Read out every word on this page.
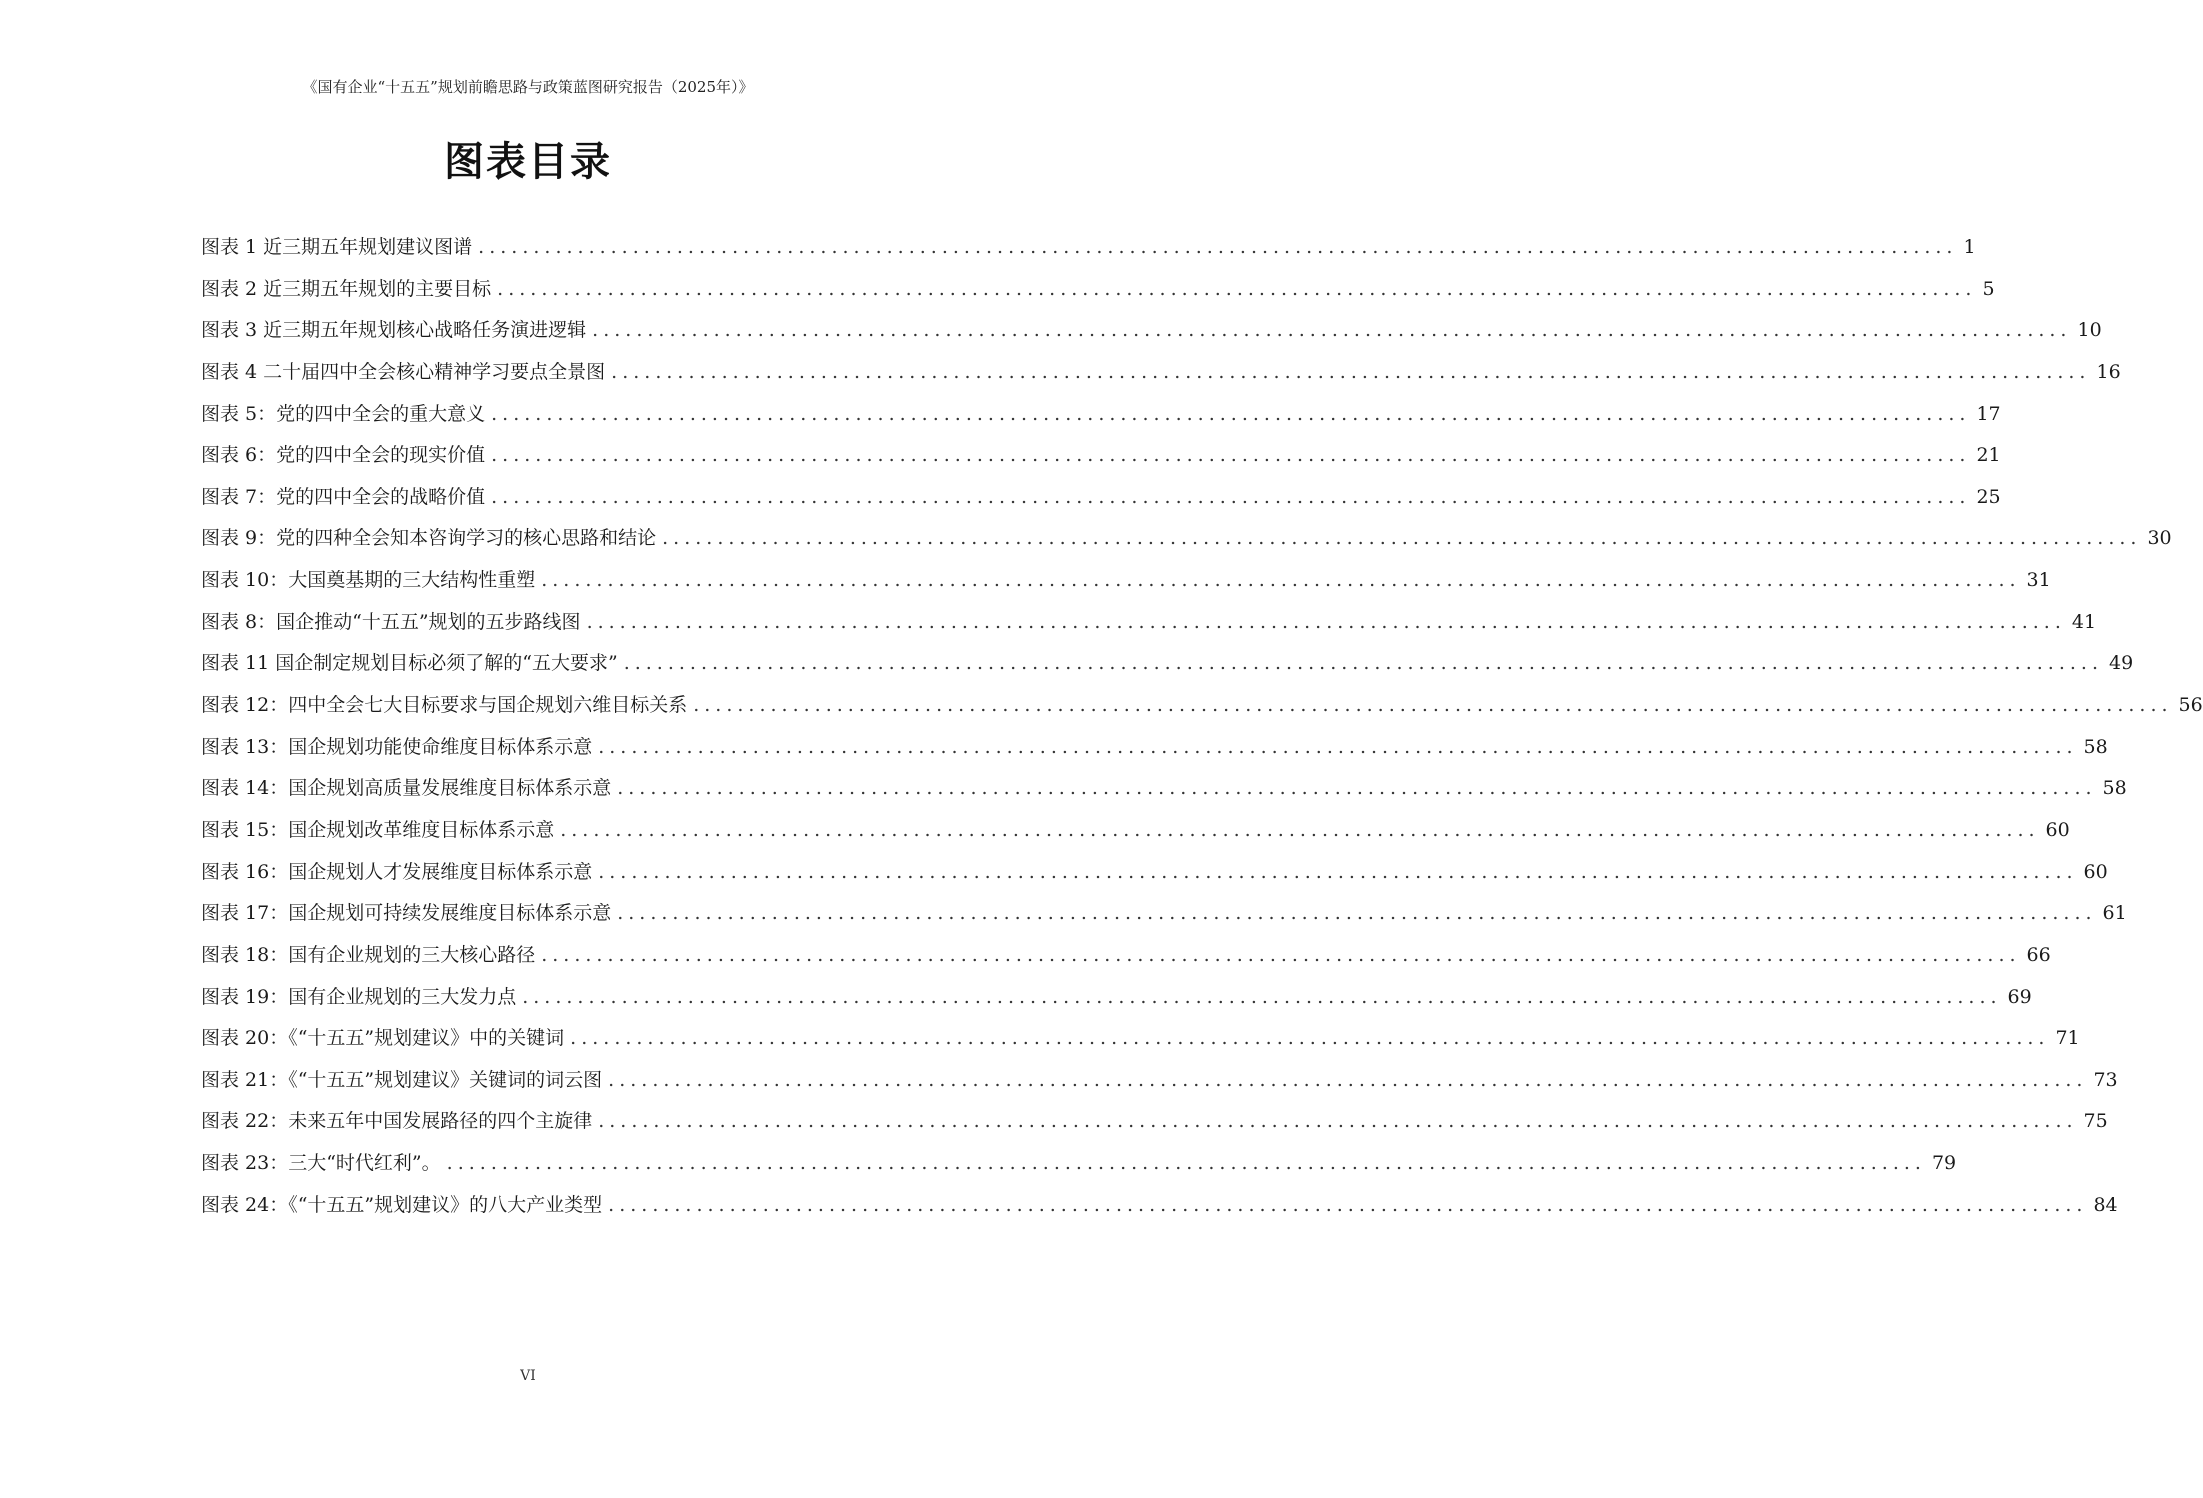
《国有企业“十五五”规划前瞻思路与政策蓝图研究报告（2025年）》
图表目录
图表 1 近三期五年规划建议图谱 ...................................................................................................................................... 1
图表 2 近三期五年规划的主要目标 ...................................................................................................................................... 5
图表 3 近三期五年规划核心战略任务演进逻辑 ...................................................................................................................................... 10
图表 4 二十届四中全会核心精神学习要点全景图 ...................................................................................................................................... 16
图表 5：党的四中全会的重大意义 ...................................................................................................................................... 17
图表 6：党的四中全会的现实价值 ...................................................................................................................................... 21
图表 7：党的四中全会的战略价值 ...................................................................................................................................... 25
图表 9：党的四种全会知本咨询学习的核心思路和结论 ...................................................................................................................................... 30
图表 10：大国奠基期的三大结构性重塑 ...................................................................................................................................... 31
图表 8：国企推动“十五五”规划的五步路线图 ...................................................................................................................................... 41
图表 11 国企制定规划目标必须了解的“五大要求” ...................................................................................................................................... 49
图表 12：四中全会七大目标要求与国企规划六维目标关系 ...................................................................................................................................... 56
图表 13：国企规划功能使命维度目标体系示意 ...................................................................................................................................... 58
图表 14：国企规划高质量发展维度目标体系示意 ...................................................................................................................................... 58
图表 15：国企规划改革维度目标体系示意 ...................................................................................................................................... 60
图表 16：国企规划人才发展维度目标体系示意 ...................................................................................................................................... 60
图表 17：国企规划可持续发展维度目标体系示意 ...................................................................................................................................... 61
图表 18：国有企业规划的三大核心路径 ...................................................................................................................................... 66
图表 19：国有企业规划的三大发力点 ...................................................................................................................................... 69
图表 20：《“十五五”规划建议》中的关键词 ...................................................................................................................................... 71
图表 21：《“十五五”规划建议》关键词的词云图 ...................................................................................................................................... 73
图表 22：未来五年中国发展路径的四个主旋律 ...................................................................................................................................... 75
图表 23：三大“时代红利”。 ...................................................................................................................................... 79
图表 24：《“十五五”规划建议》的八大产业类型 ...................................................................................................................................... 84
VI
